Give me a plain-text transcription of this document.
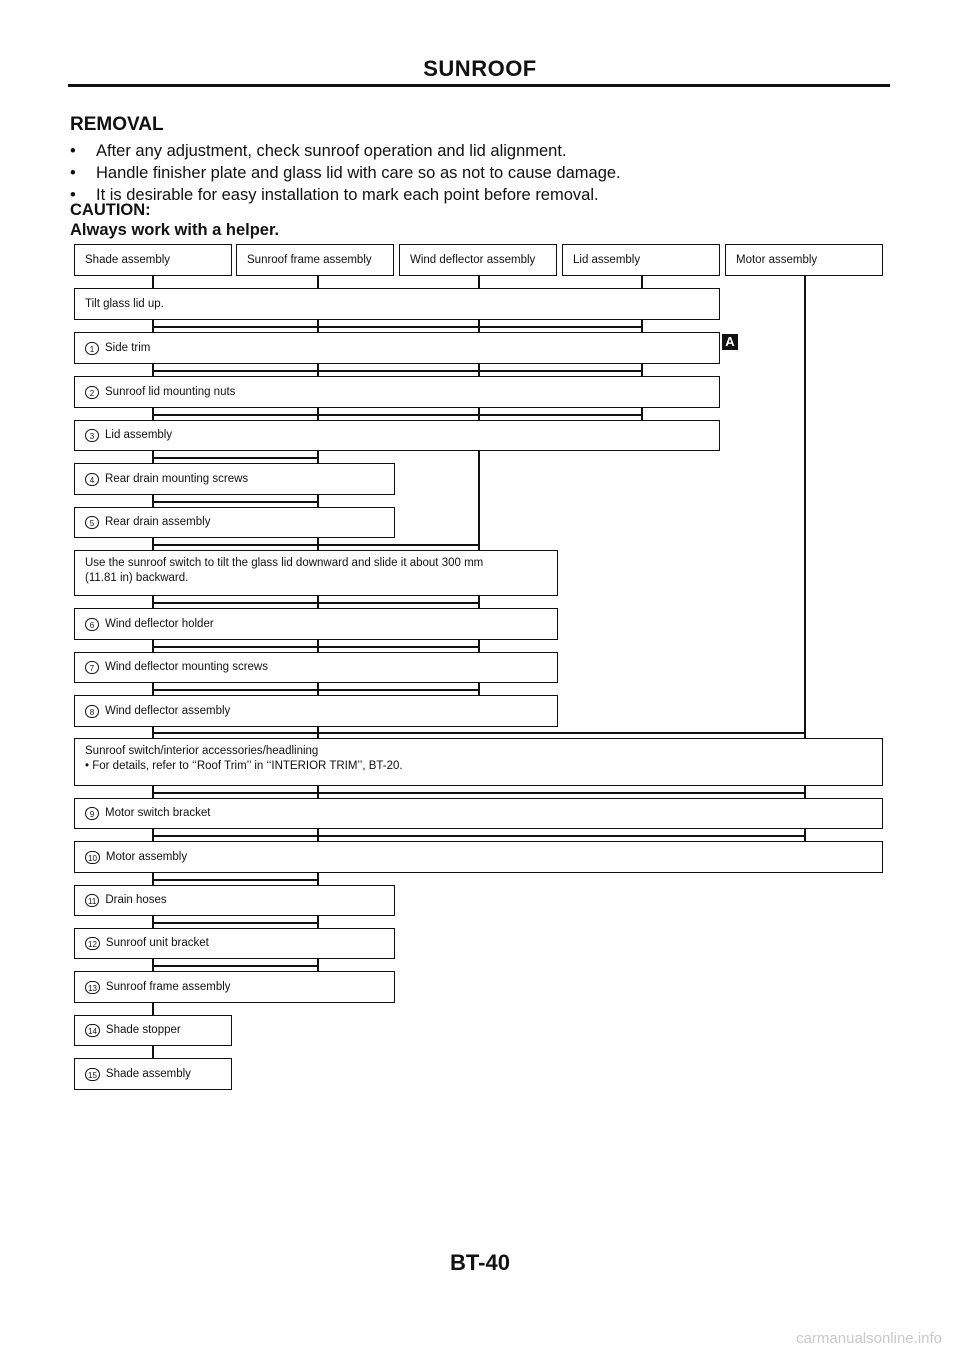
SUNROOF
REMOVAL
• After any adjustment, check sunroof operation and lid alignment.
• Handle finisher plate and glass lid with care so as not to cause damage.
• It is desirable for easy installation to mark each point before removal.
CAUTION:
Always work with a helper.
Shade assembly	Sunroof frame assembly	Wind deflector assembly	Lid assembly	Motor assembly
Tilt glass lid up.
1 Side trim	A
2 Sunroof lid mounting nuts
3 Lid assembly
4 Rear drain mounting screws
5 Rear drain assembly
Use the sunroof switch to tilt the glass lid downward and slide it about 300 mm
(11.81 in) backward.
6 Wind deflector holder
7 Wind deflector mounting screws
8 Wind deflector assembly
Sunroof switch/interior accessories/headlining
• For details, refer to ‘‘Roof Trim’’ in ‘‘INTERIOR TRIM’’, BT-20.
9 Motor switch bracket
10 Motor assembly
11 Drain hoses
12 Sunroof unit bracket
13 Sunroof frame assembly
14 Shade stopper
15 Shade assembly
BT-40
carmanualsonline.info
